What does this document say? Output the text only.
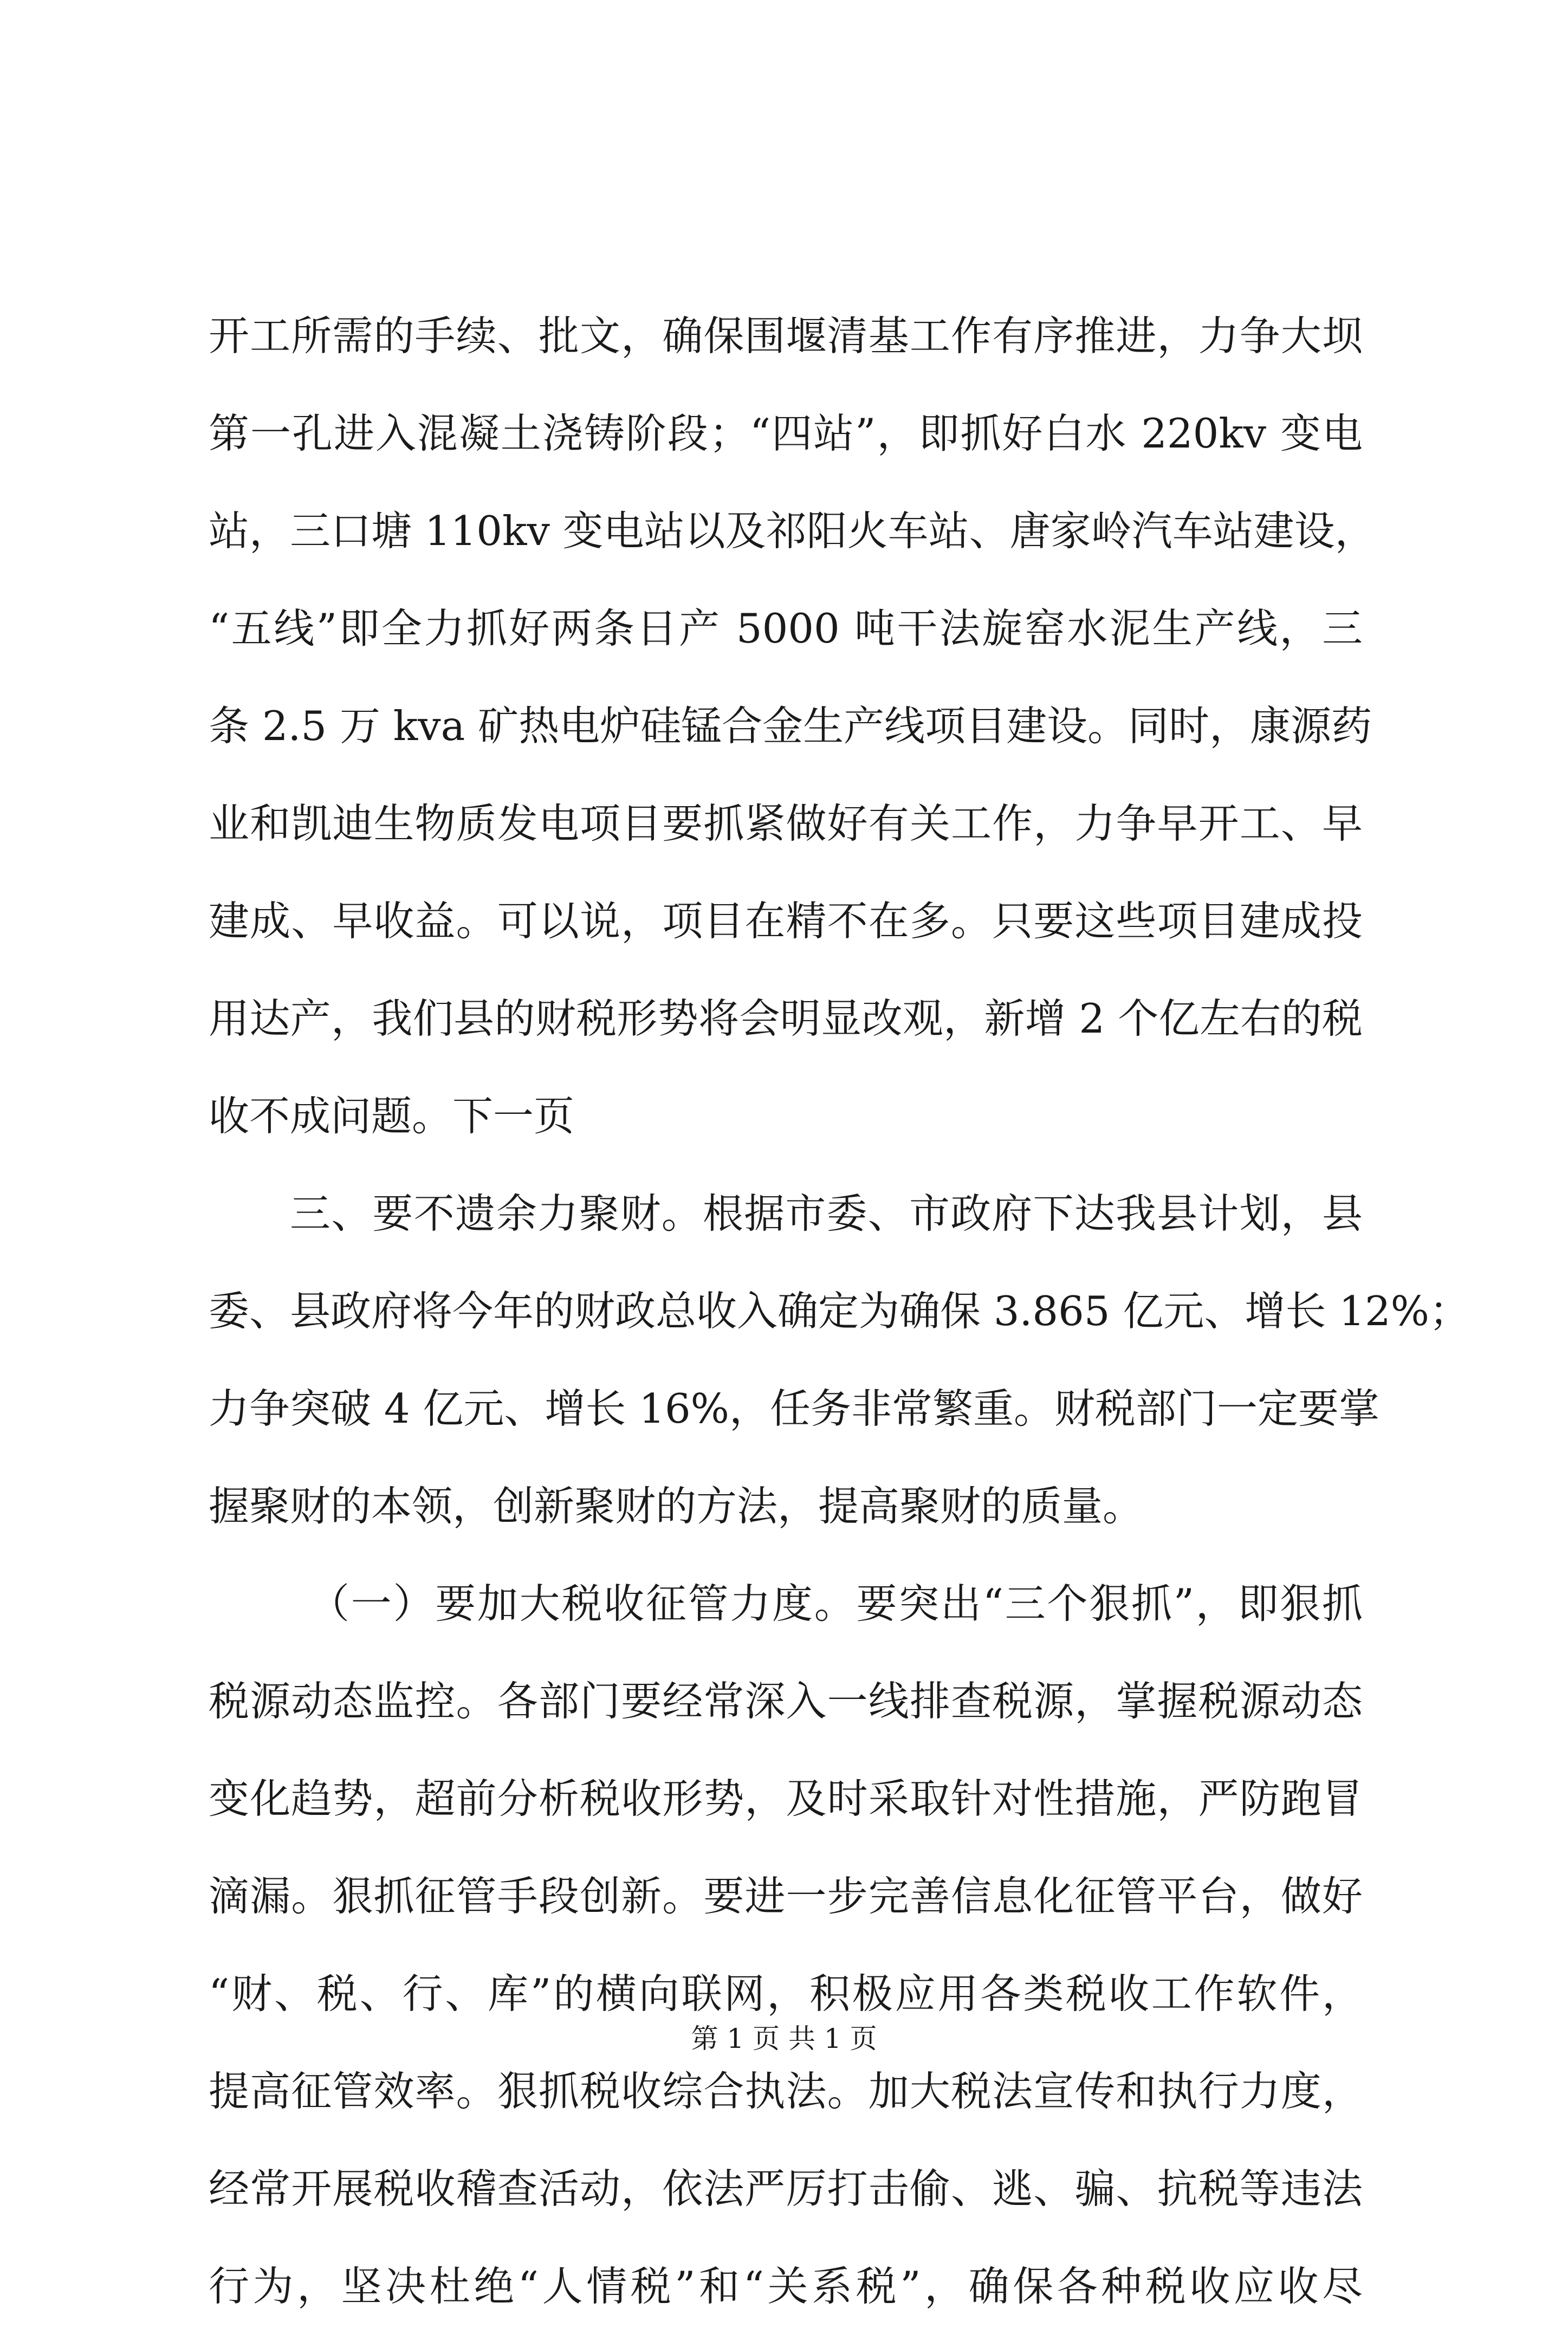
开工所需的手续、批文，确保围堰清基工作有序推进，力争大坝
第一孔进入混凝土浇铸阶段；“四站”，即抓好白水 220kv 变电
站，三口塘 110kv 变电站以及祁阳火车站、唐家岭汽车站建设，
“五线”即全力抓好两条日产 5000 吨干法旋窑水泥生产线，三
条 2.5 万 kva 矿热电炉硅锰合金生产线项目建设。同时，康源药
业和凯迪生物质发电项目要抓紧做好有关工作，力争早开工、早
建成、早收益。可以说，项目在精不在多。只要这些项目建成投
用达产，我们县的财税形势将会明显改观，新增 2 个亿左右的税
收不成问题。下一页
三、要不遗余力聚财。根据市委、市政府下达我县计划，县
委、县政府将今年的财政总收入确定为确保 3.865 亿元、增长 12%；
力争突破 4 亿元、增长 16%，任务非常繁重。财税部门一定要掌
握聚财的本领，创新聚财的方法，提高聚财的质量。
（一）要加大税收征管力度。要突出“三个狠抓”，即狠抓
税源动态监控。各部门要经常深入一线排查税源，掌握税源动态
变化趋势，超前分析税收形势，及时采取针对性措施，严防跑冒
滴漏。狠抓征管手段创新。要进一步完善信息化征管平台，做好
“财、税、行、库”的横向联网，积极应用各类税收工作软件，
提高征管效率。狠抓税收综合执法。加大税法宣传和执行力度，
经常开展税收稽查活动，依法严厉打击偷、逃、骗、抗税等违法
行为，坚决杜绝“人情税”和“关系税”，确保各种税收应收尽
第 1 页 共 1 页
